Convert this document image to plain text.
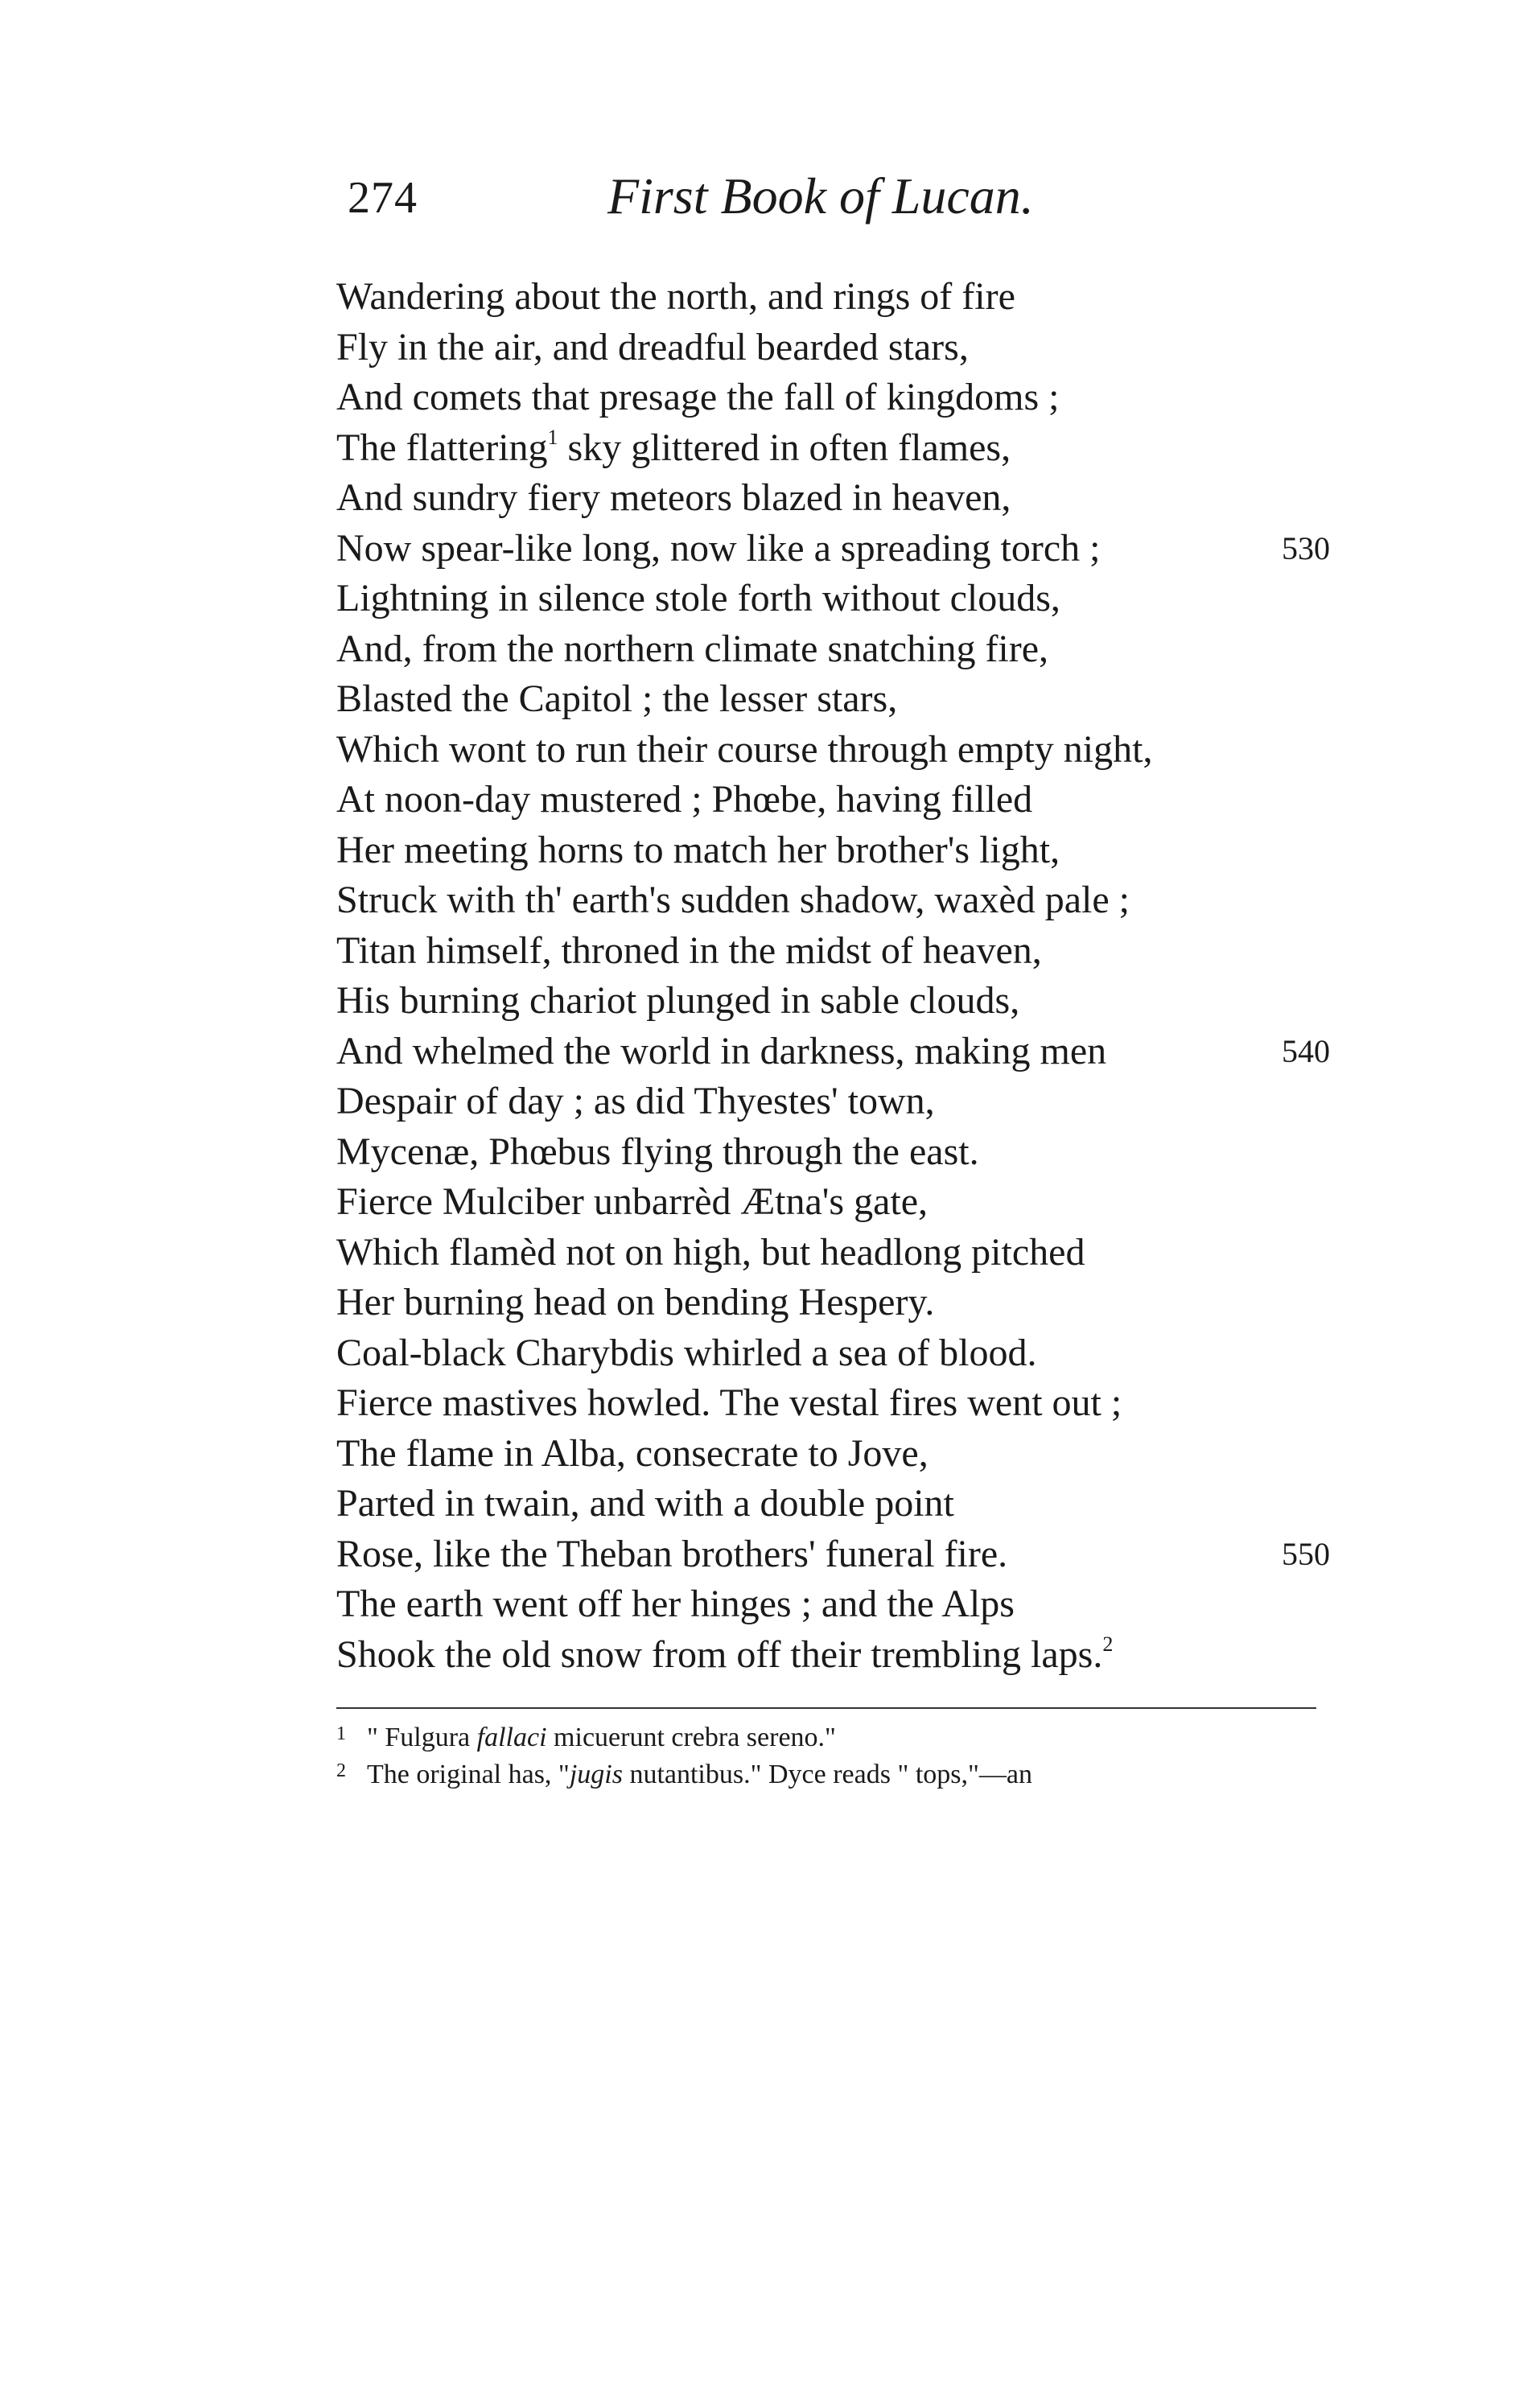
274	First Book of Lucan.
Wandering about the north, and rings of fire
Fly in the air, and dreadful bearded stars,
And comets that presage the fall of kingdoms ;
The flattering$^1$ sky glittered in often flames,
And sundry fiery meteors blazed in heaven,
Now spear-like long, now like a spreading torch ;	530
Lightning in silence stole forth without clouds,
And, from the northern climate snatching fire,
Blasted the Capitol ; the lesser stars,
Which wont to run their course through empty night,
At noon-day mustered ; Phœbe, having filled
Her meeting horns to match her brother's light,
Struck with th' earth's sudden shadow, waxèd pale ;
Titan himself, throned in the midst of heaven,
His burning chariot plunged in sable clouds,
And whelmed the world in darkness, making men	540
Despair of day ; as did Thyestes' town,
Mycenæ, Phœbus flying through the east.
Fierce Mulciber unbarrèd Ætna's gate,
Which flamèd not on high, but headlong pitched
Her burning head on bending Hespery.
Coal-black Charybdis whirled a sea of blood.
Fierce mastives howled. The vestal fires went out ;
The flame in Alba, consecrate to Jove,
Parted in twain, and with a double point
Rose, like the Theban brothers' funeral fire.	550
The earth went off her hinges ; and the Alps
Shook the old snow from off their trembling laps.$^2$
1 " Fulgura fallaci micuerunt crebra sereno."
2 The original has, "jugis nutantibus." Dyce reads " tops,"—an
